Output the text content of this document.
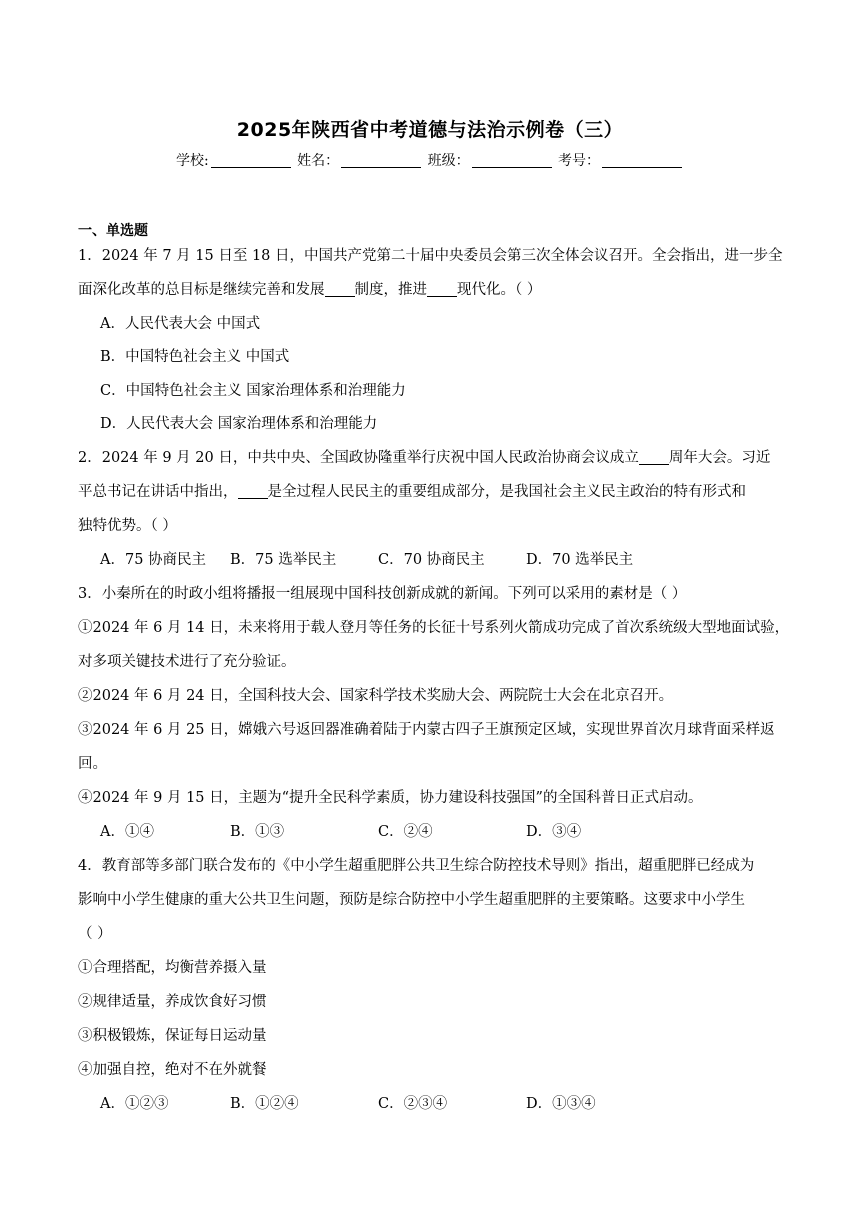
2025年陕西省中考道德与法治示例卷（三）
学校:	姓名：	班级：	考号：
一、单选题
1．2024 年 7 月 15 日至 18 日，中国共产党第二十届中央委员会第三次全体会议召开。全会指出，进一步全
面深化改革的总目标是继续完善和发展 制度，推进 现代化。（ ）
A．人民代表大会 中国式
B．中国特色社会主义 中国式
C．中国特色社会主义 国家治理体系和治理能力
D．人民代表大会 国家治理体系和治理能力
2．2024 年 9 月 20 日，中共中央、全国政协隆重举行庆祝中国人民政治协商会议成立 周年大会。习近
平总书记在讲话中指出， 是全过程人民民主的重要组成部分，是我国社会主义民主政治的特有形式和
独特优势。（ ）
A．75 协商民主 B．75 选举民主	C．70 协商民主	D．70 选举民主
3．小秦所在的时政小组将播报一组展现中国科技创新成就的新闻。下列可以采用的素材是（ ）
①2024 年 6 月 14 日，未来将用于载人登月等任务的长征十号系列火箭成功完成了首次系统级大型地面试验，
对多项关键技术进行了充分验证。
②2024 年 6 月 24 日，全国科技大会、国家科学技术奖励大会、两院院士大会在北京召开。
③2024 年 6 月 25 日，嫦娥六号返回器准确着陆于内蒙古四子王旗预定区域，实现世界首次月球背面采样返
回。
④2024 年 9 月 15 日，主题为“提升全民科学素质，协力建设科技强国”的全国科普日正式启动。
A．①④	B．①③	C．②④	D．③④
4．教育部等多部门联合发布的《中小学生超重肥胖公共卫生综合防控技术导则》指出，超重肥胖已经成为
影响中小学生健康的重大公共卫生问题，预防是综合防控中小学生超重肥胖的主要策略。这要求中小学生
（ ）
①合理搭配，均衡营养摄入量
②规律适量，养成饮食好习惯
③积极锻炼，保证每日运动量
④加强自控，绝对不在外就餐
A．①②③	B．①②④	C．②③④	D．①③④
